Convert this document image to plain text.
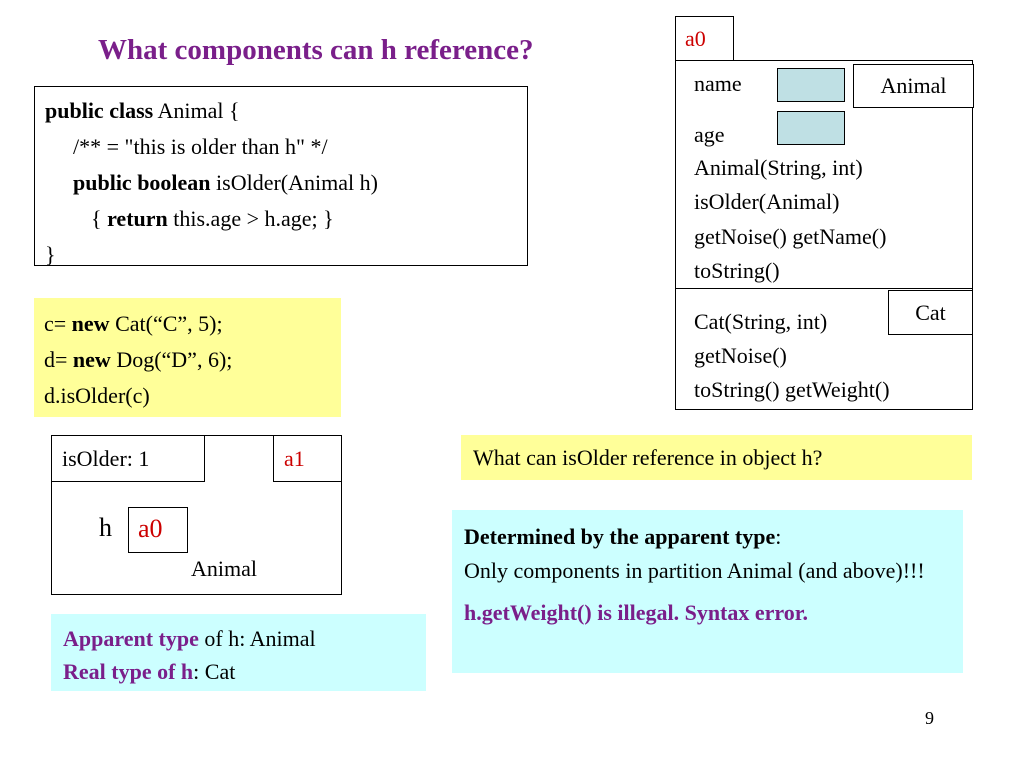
What components can h reference?
public class Animal {
/** = "this is older than h" */
public boolean isOlder(Animal h)
{ return this.age > h.age; }
}
a0
name	Animal
age
Animal(String, int)
isOlder(Animal)
getNoise() getName()
toString()
Cat
Cat(String, int)
getNoise()
toString() getWeight()
c= new Cat(“C”, 5);
d= new Dog(“D”, 6);
d.isOlder(c)
isOlder: 1	a1
h	a0
Animal
Apparent type of h: Animal
Real type of h: Cat
What can isOlder reference in object h?
Determined by the apparent type:
Only components in partition Animal (and above)!!!
h.getWeight() is illegal. Syntax error.
9
